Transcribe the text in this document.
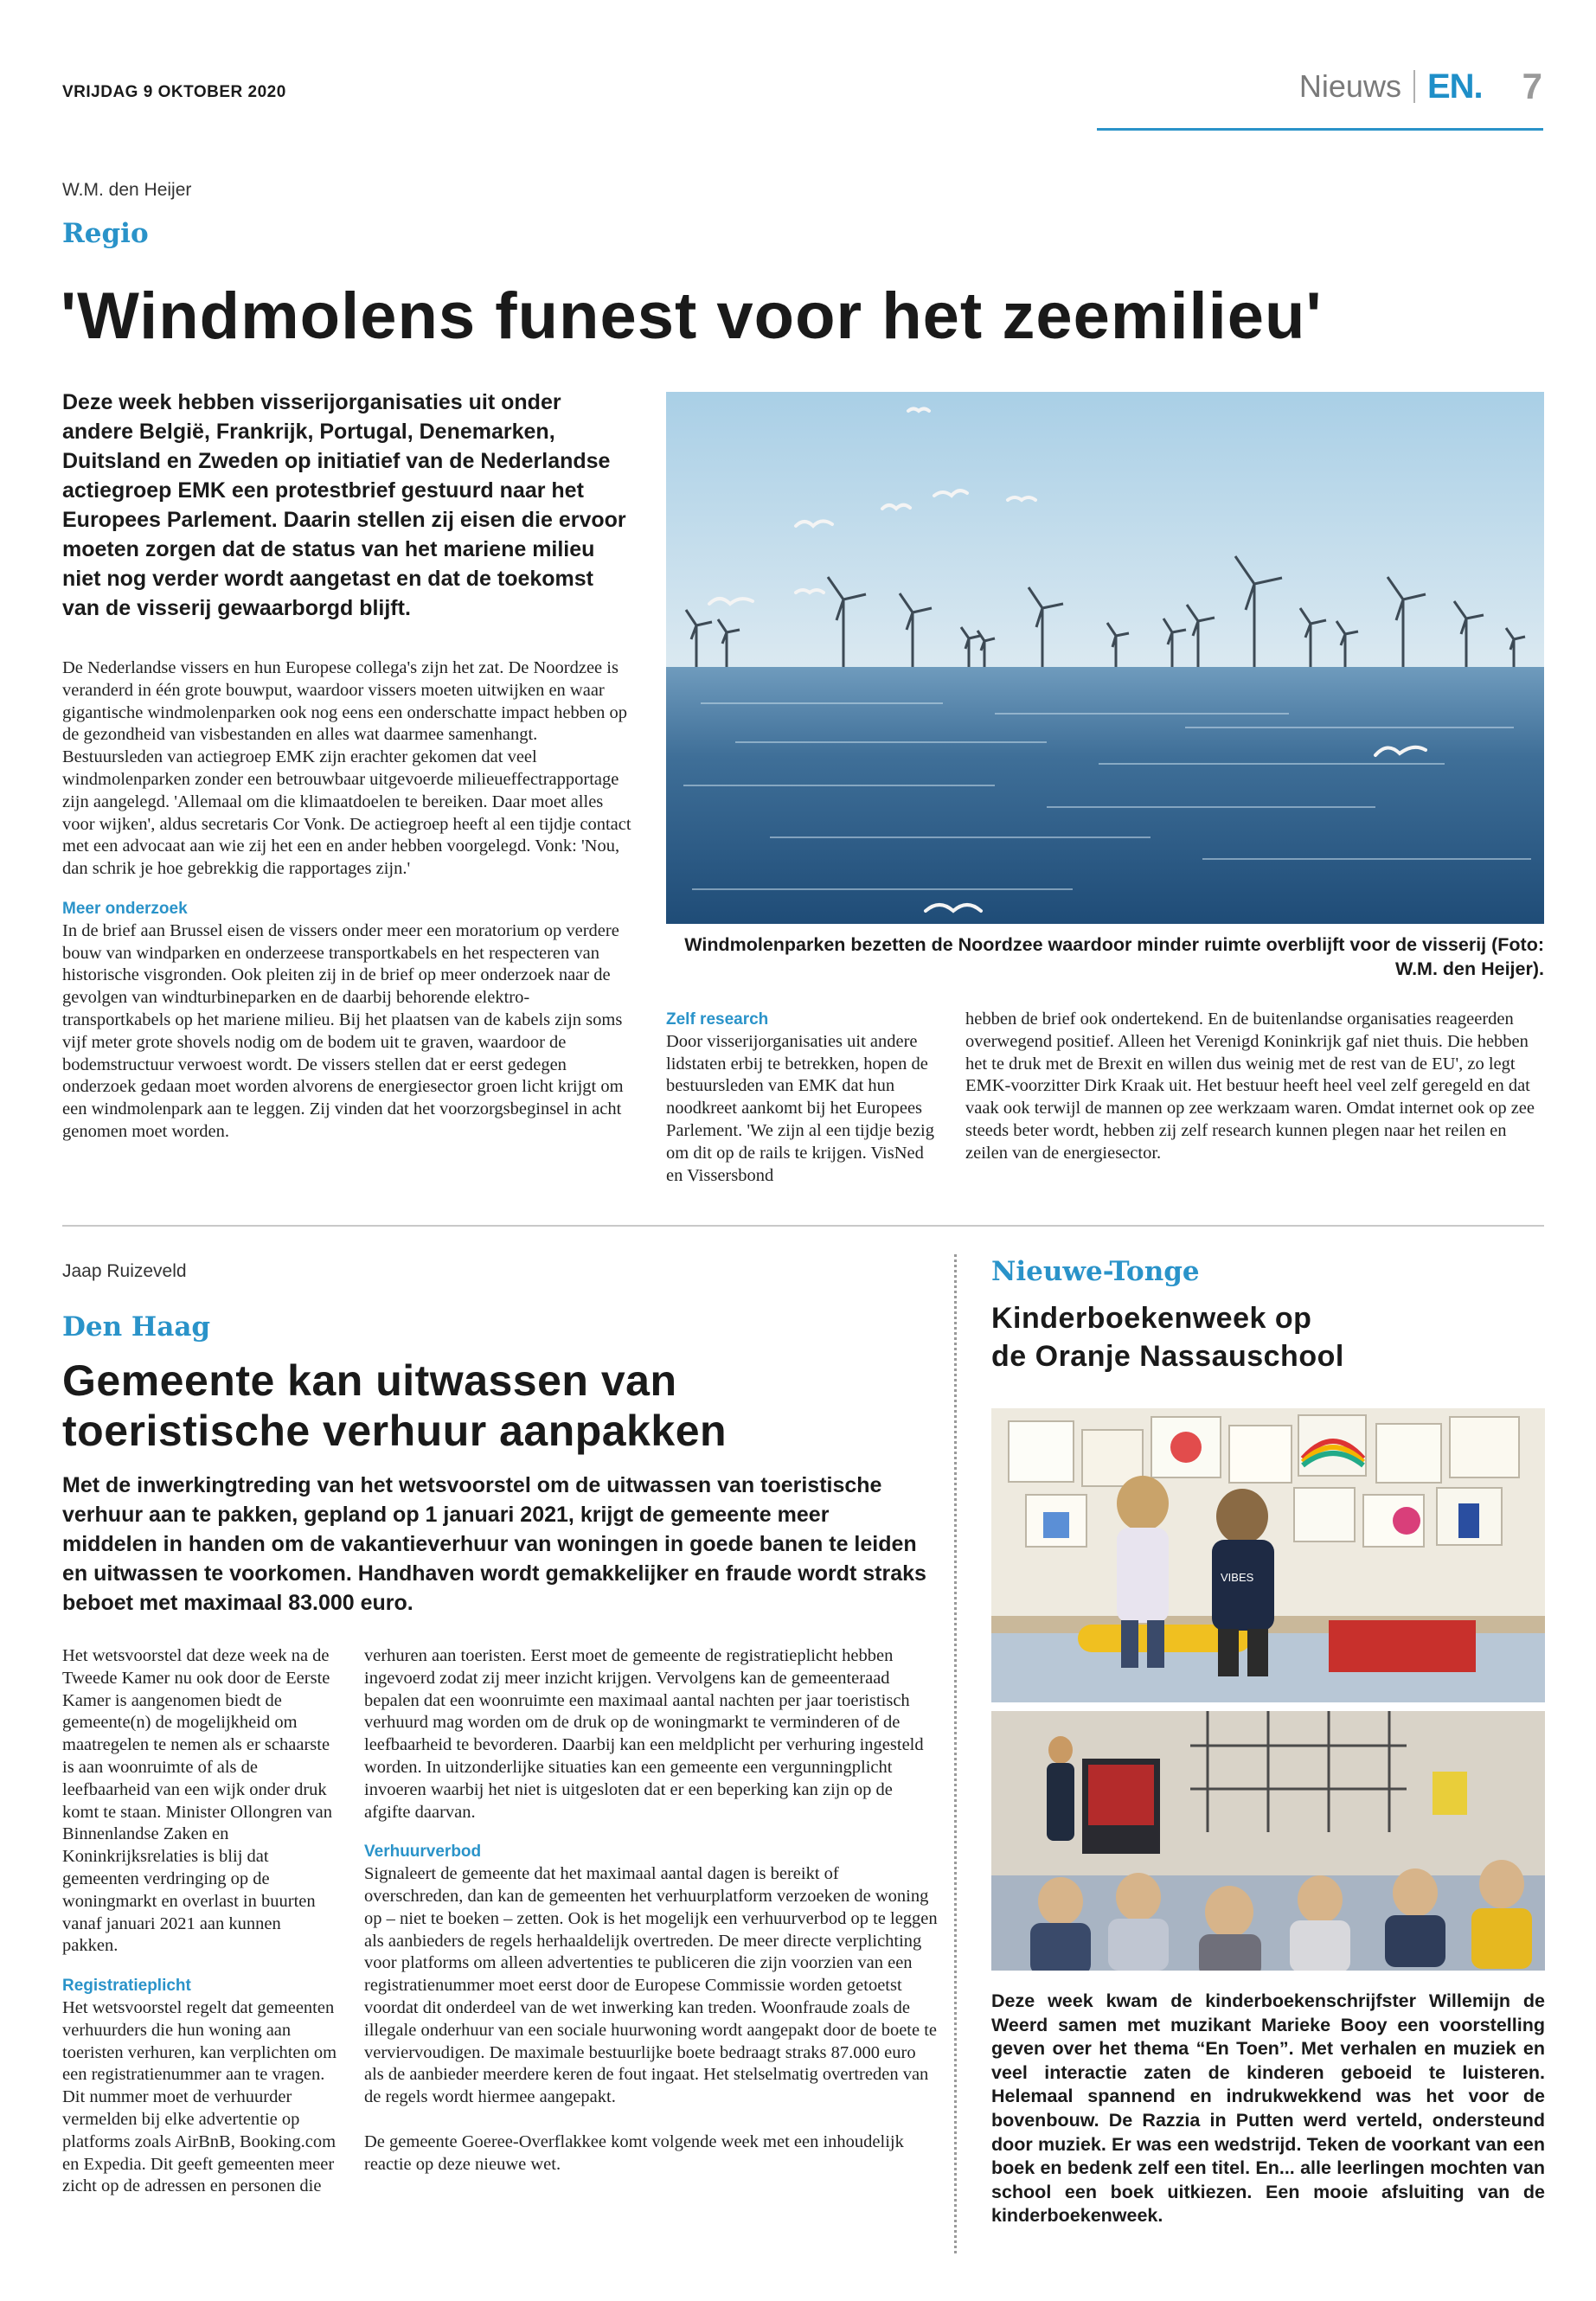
VRIJDAG 9 OKTOBER 2020	Nieuws EN. 7
W.M. den Heijer
Regio
'Windmolens funest voor het zeemilieu'
Deze week hebben visserijorganisaties uit onder andere België, Frankrijk, Portugal, Denemarken, Duitsland en Zweden op initiatief van de Nederlandse actiegroep EMK een protestbrief gestuurd naar het Europees Parlement. Daarin stellen zij eisen die ervoor moeten zorgen dat de status van het mariene milieu niet nog verder wordt aangetast en dat de toekomst van de visserij gewaarborgd blijft.

De Nederlandse vissers en hun Europese collega's zijn het zat. De Noordzee is veranderd in één grote bouwput, waardoor vissers moeten uitwijken en waar gigantische windmolenparken ook nog eens een onderschatte impact hebben op de gezondheid van visbestanden en alles wat daarmee samenhangt. Bestuursleden van actiegroep EMK zijn erachter gekomen dat veel windmolenparken zonder een betrouwbaar uitgevoerde milieueffectrapportage zijn aangelegd. 'Allemaal om die klimaatdoelen te bereiken. Daar moet alles voor wijken', aldus secretaris Cor Vonk. De actiegroep heeft al een tijdje contact met een advocaat aan wie zij het een en ander hebben voorgelegd. Vonk: 'Nou, dan schrik je hoe gebrekkig die rapportages zijn.'

Meer onderzoek

In de brief aan Brussel eisen de vissers onder meer een moratorium op verdere bouw van windparken en onderzeese transportkabels en het respecteren van historische visgronden. Ook pleiten zij in de brief op meer onderzoek naar de gevolgen van windturbineparken en de daarbij behorende elektro-transportkabels op het mariene milieu. Bij het plaatsen van de kabels zijn soms vijf meter grote shovels nodig om de bodem uit te graven, waardoor de bodemstructuur verwoest wordt. De vissers stellen dat er eerst gedegen onderzoek gedaan moet worden alvorens de energiesector groen licht krijgt om een windmolenpark aan te leggen. Zij vinden dat het voorzorgsbeginsel in acht genomen moet worden.

Windmolenparken bezetten de Noordzee waardoor minder ruimte overblijft voor de visserij (Foto: W.M. den Heijer).
Zelf research

Door visserijorganisaties uit andere lidstaten erbij te betrekken, hopen de bestuursleden van EMK dat hun noodkreet aankomt bij het Europees Parlement. 'We zijn al een tijdje bezig om dit op de rails te krijgen. VisNed en Vissersbond

hebben de brief ook ondertekend. En de buitenlandse organisaties reageerden overwegend positief. Alleen het Verenigd Koninkrijk gaf niet thuis. Die hebben het te druk met de Brexit en willen dus weinig met de rest van de EU', zo legt EMK-voorzitter Dirk Kraak uit. Het bestuur heeft heel veel zelf geregeld en dat vaak ook terwijl de mannen op zee werkzaam waren. Omdat internet ook op zee steeds beter wordt, hebben zij zelf research kunnen plegen naar het reilen en zeilen van de energiesector.

Jaap Ruizeveld
Den Haag
Gemeente kan uitwassen van toeristische verhuur aanpakken
Met de inwerkingtreding van het wetsvoorstel om de uitwassen van toeristische verhuur aan te pakken, gepland op 1 januari 2021, krijgt de gemeente meer middelen in handen om de vakantieverhuur van woningen in goede banen te leiden en uitwassen te voorkomen. Handhaven wordt gemakkelijker en fraude wordt straks beboet met maximaal 83.000 euro.

Het wetsvoorstel dat deze week na de Tweede Kamer nu ook door de Eerste Kamer is aangenomen biedt de gemeente(n) de mogelijkheid om maatregelen te nemen als er schaarste is aan woonruimte of als de leefbaarheid van een wijk onder druk komt te staan. Minister Ollongren van Binnenlandse Zaken en Koninkrijksrelaties is blij dat gemeenten verdringing op de woningmarkt en overlast in buurten vanaf januari 2021 aan kunnen pakken.

Registratieplicht

Het wetsvoorstel regelt dat gemeenten verhuurders die hun woning aan toeristen verhuren, kan verplichten om een registratienummer aan te vragen. Dit nummer moet de verhuurder vermelden bij elke advertentie op platforms zoals AirBnB, Booking.com en Expedia. Dit geeft gemeenten meer zicht op de adressen en personen die

verhuren aan toeristen. Eerst moet de gemeente de registratieplicht hebben ingevoerd zodat zij meer inzicht krijgen. Vervolgens kan de gemeenteraad bepalen dat een woonruimte een maximaal aantal nachten per jaar toeristisch verhuurd mag worden om de druk op de woningmarkt te verminderen of de leefbaarheid te bevorderen. Daarbij kan een meldplicht per verhuring ingesteld worden. In uitzonderlijke situaties kan een gemeente een vergunningplicht invoeren waarbij het niet is uitgesloten dat er een beperking kan zijn op de afgifte daarvan.

Verhuurverbod

Signaleert de gemeente dat het maximaal aantal dagen is bereikt of overschreden, dan kan de gemeenten het verhuurplatform verzoeken de woning op – niet te boeken – zetten. Ook is het mogelijk een verhuurverbod op te leggen als aanbieders de regels herhaaldelijk overtreden. De meer directe verplichting voor platforms om alleen advertenties te publiceren die zijn voorzien van een registratienummer moet eerst door de Europese Commissie worden getoetst voordat dit onderdeel van de wet inwerking kan treden. Woonfraude zoals de illegale onderhuur van een sociale huurwoning wordt aangepakt door de boete te verviervoudigen. De maximale bestuurlijke boete bedraagt straks 87.000 euro als de aanbieder meerdere keren de fout ingaat. Het stelselmatig overtreden van de regels wordt hiermee aangepakt.

De gemeente Goeree-Overflakkee komt volgende week met een inhoudelijk reactie op deze nieuwe wet.

Nieuwe-Tonge
Kinderboekenweek op
de Oranje Nassauschool
VIBES
Deze week kwam de kinderboekenschrijfster Willemijn de Weerd samen met muzikant Marieke Booy een voorstelling geven over het thema “En Toen”. Met verhalen en muziek en veel interactie zaten de kinderen geboeid te luisteren. Helemaal spannend en indrukwekkend was het voor de bovenbouw. De Razzia in Putten werd verteld, ondersteund door muziek. Er was een wedstrijd. Teken de voorkant van een boek en bedenk zelf een titel. En... alle leerlingen mochten van school een boek uitkiezen. Een mooie afsluiting van de kinderboekenweek.
